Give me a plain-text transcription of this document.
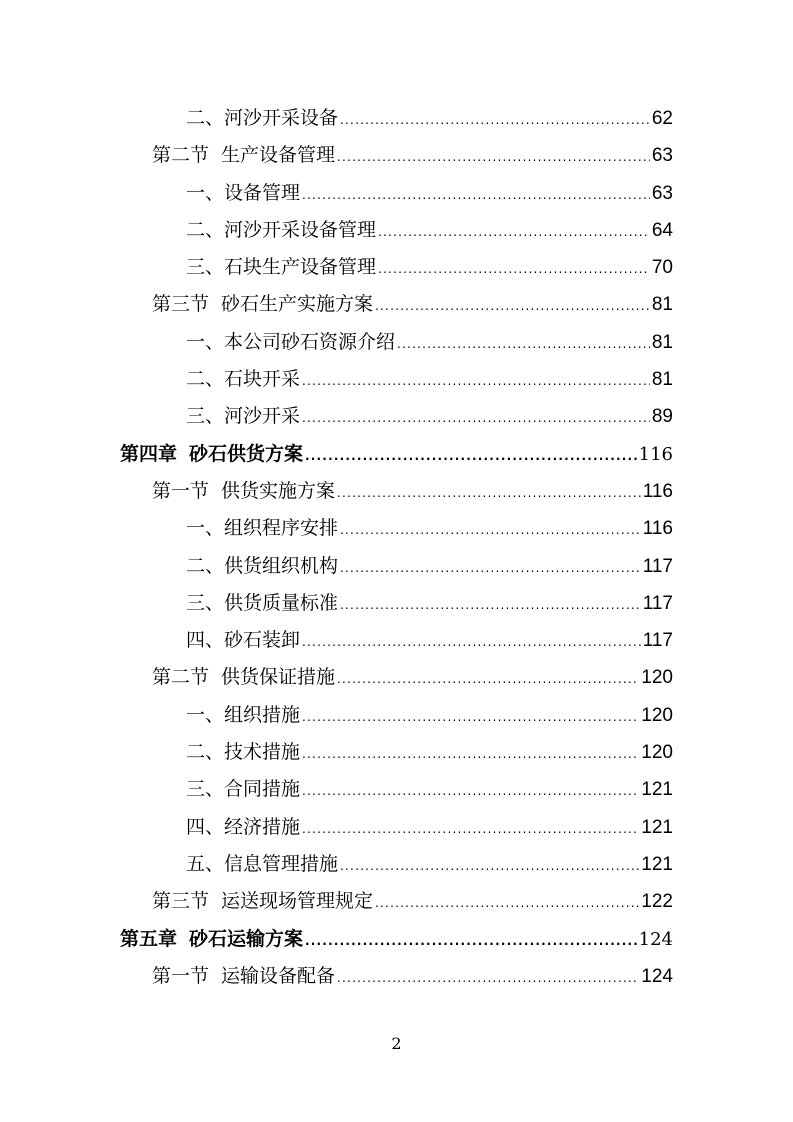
二、河沙开采设备 .....	62
第二节 生产设备管理 .....	63
一、设备管理 .....	63
二、河沙开采设备管理 .....	64
三、石块生产设备管理 .....	70
第三节 砂石生产实施方案 .....	81
一、本公司砂石资源介绍 .....	81
二、石块开采 .....	81
三、河沙开采 .....	89
第四章 砂石供货方案 .....	116
第一节 供货实施方案 .....	116
一、组织程序安排 .....	116
二、供货组织机构 .....	117
三、供货质量标准 .....	117
四、砂石装卸 .....	117
第二节 供货保证措施 .....	120
一、组织措施 .....	120
二、技术措施 .....	120
三、合同措施 .....	121
四、经济措施 .....	121
五、信息管理措施 .....	121
第三节 运送现场管理规定 .....	122
第五章 砂石运输方案 .....	124
第一节 运输设备配备 .....	124
2
